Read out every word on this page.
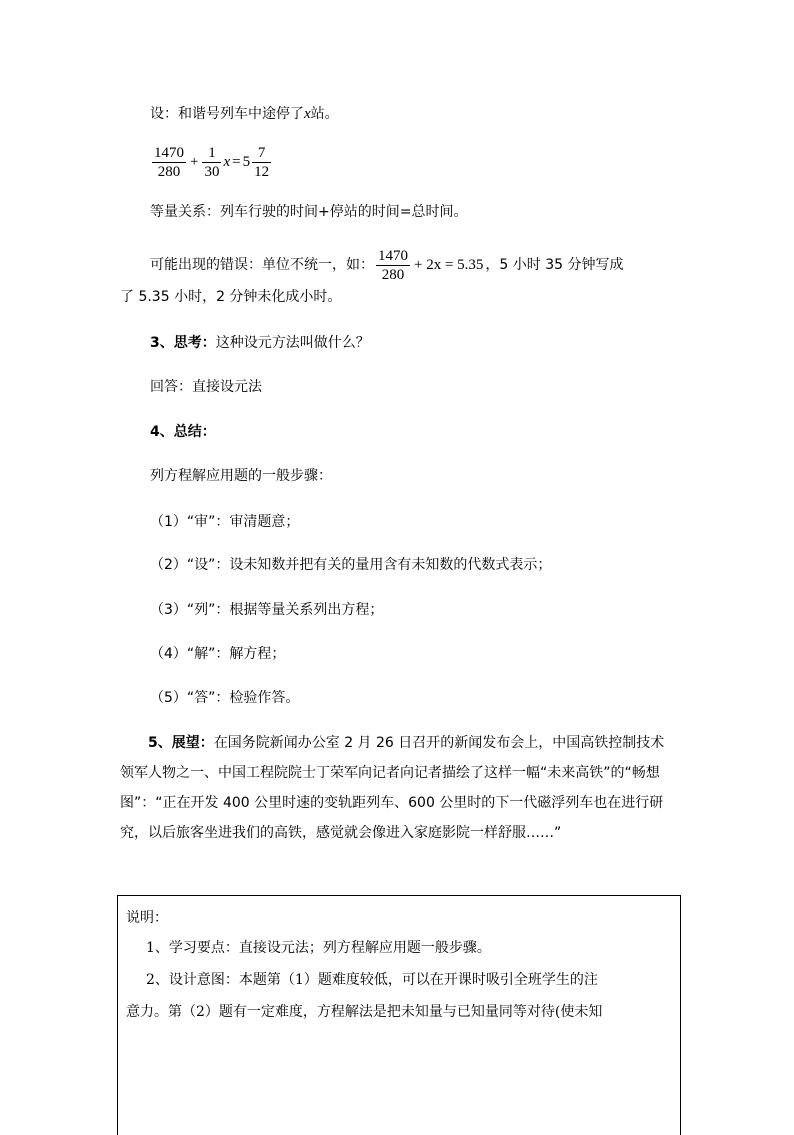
设：和谐号列车中途停了x站。
$\frac{1470}{280} + \frac{1}{30}$ $x = 5 \frac{7}{12}$
等量关系：列车行驶的时间+停站的时间=总时间。
可能出现的错误：单位不统一，如： $\frac{1470}{280} + 2x = 5.35$ ，5 小时 35 分钟写成
了 5.35 小时，2 分钟未化成小时。
3、思考：这种设元方法叫做什么？
回答：直接设元法
4、总结：
列方程解应用题的一般步骤：
（1）“审”：审清题意；
（2）“设”：设未知数并把有关的量用含有未知数的代数式表示；
（3）“列”：根据等量关系列出方程；
（4）“解”：解方程；
（5）“答”：检验作答。
5、展望：在国务院新闻办公室 2 月 26 日召开的新闻发布会上，中国高铁控制技术领军人物之一、中国工程院院士丁荣军向记者向记者描绘了这样一幅“未来高铁”的“畅想图”：“正在开发 400 公里时速的变轨距列车、600 公里时的下一代磁浮列车也在进行研究，以后旅客坐进我们的高铁，感觉就会像进入家庭影院一样舒服……”
说明：
1、学习要点：直接设元法；列方程解应用题一般步骤。
2、设计意图：本题第（1）题难度较低，可以在开课时吸引全班学生的注
意力。第（2）题有一定难度，方程解法是把未知量与已知量同等对待(使未知
